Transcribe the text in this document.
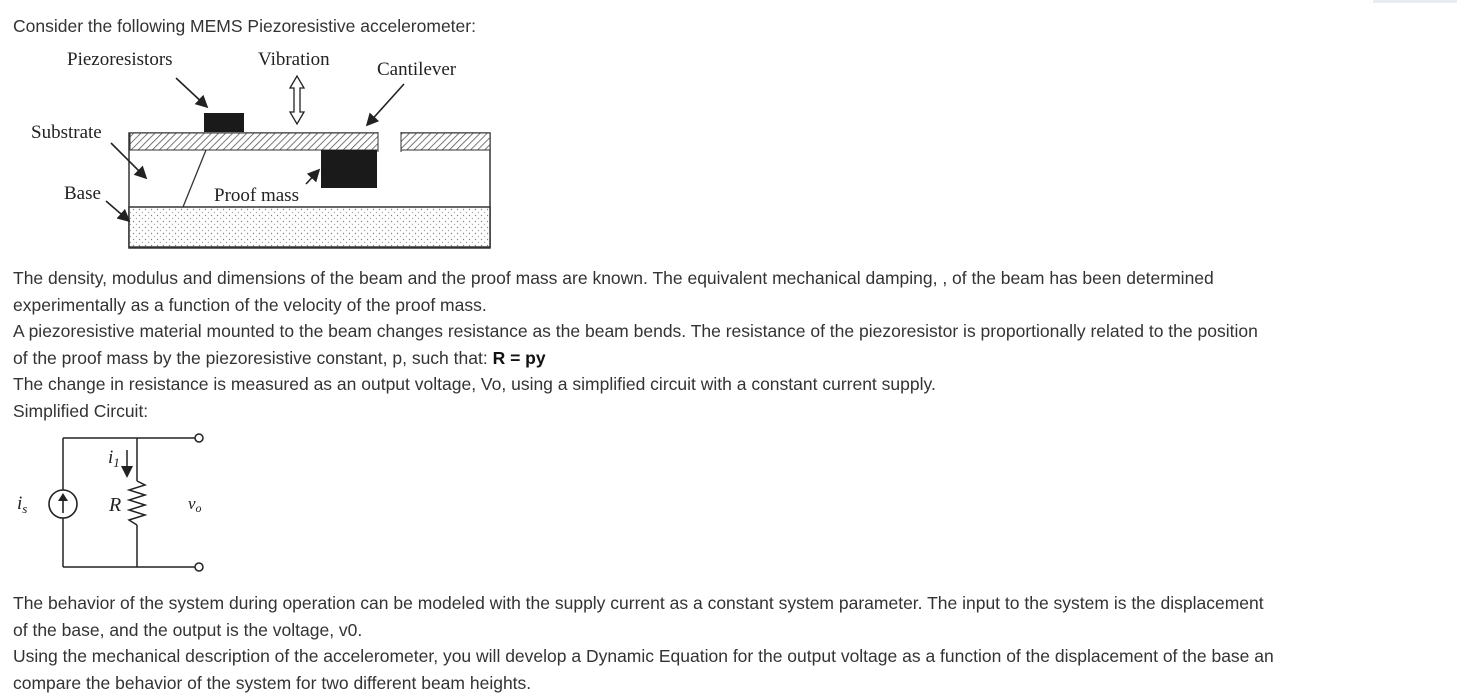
Consider the following MEMS Piezoresistive accelerometer:

Piezoresistors	Vibration Cantilever
Substrate
Base	Proof mass

The density, modulus and dimensions of the beam and the proof mass are known. The equivalent mechanical damping, , of the beam has been determined
experimentally as a function of the velocity of the proof mass.
A piezoresistive material mounted to the beam changes resistance as the beam bends. The resistance of the piezoresistor is proportionally related to the position
of the proof mass by the piezoresistive constant, p, such that: R = py
The change in resistance is measured as an output voltage, Vo, using a simplified circuit with a constant current supply.
Simplified Circuit:

$i_s$
$i_1$
R	vo

The behavior of the system during operation can be modeled with the supply current as a constant system parameter. The input to the system is the displacement
of the base, and the output is the voltage, v0.
Using the mechanical description of the accelerometer, you will develop a Dynamic Equation for the output voltage as a function of the displacement of the base an
compare the behavior of the system for two different beam heights.
